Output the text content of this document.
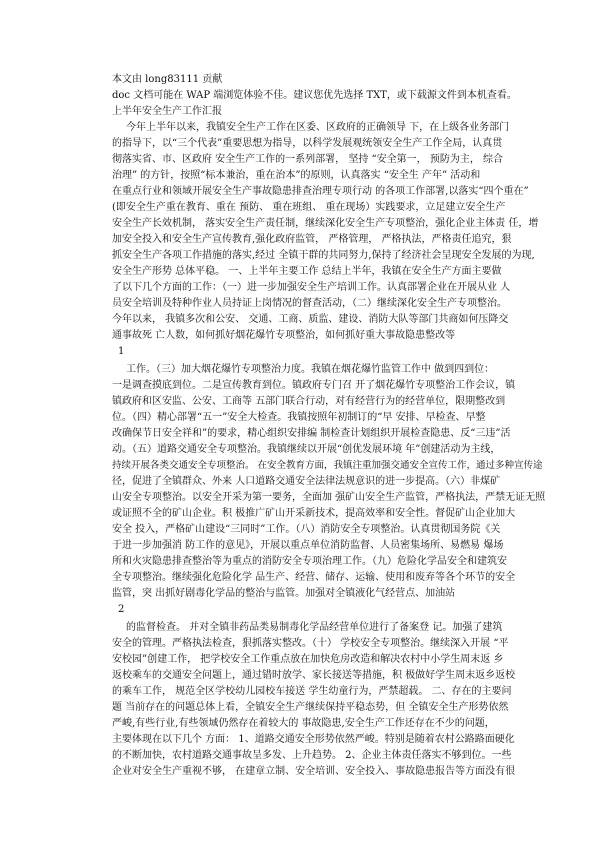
本文由 long83111 贡献
doc 文档可能在 WAP 端浏览体验不佳。建议您优先选择 TXT，或下载源文件到本机查看。
上半年安全生产工作汇报
今年上半年以来，我镇安全生产工作在区委、区政府的正确领导 下，在上级各业务部门
的指导下，以“三个代表”重要思想为指导，以科学发展观统领安全生产工作全局，认真贯
彻落实省、市、区政府 安全生产工作的一系列部署， 坚持 “安全第一， 预防为主， 综合
治理” 的方针，按照“标本兼治，重在治本”的原则，认真落实 “安全生 产年” 活动和
在重点行业和领域开展安全生产事故隐患排查治理专项行动 的各项工作部署,以落实“四个重在”
(即安全生产重在教育、重在 预防、 重在班组、 重在现场）实践要求，立足建立安全生产
安全生产长效机制， 落实安全生产责任制，继续深化安全生产专项整治，强化企业主体责 任，增
加安全投入和安全生产宣传教育,强化政府监管， 严格管理， 严格执法，严格责任追究，狠
抓安全生产各项工作措施的落实,经过 全镇干群的共同努力,保持了经济社会呈现安全发展的为现,
安全生产形势 总体平稳。 一、上半年主要工作 总结上半年，我镇在安全生产方面主要做
了以下几个方面的工作：（一）进一步加强安全生产培训工作。认真部署企业在开展从业 人
员安全培训及特种作业人员持证上岗情况的督查活动，（二）继续深化安全生产专项整治。
今年以来， 我镇多次和公安、 交通、工商、质监、建设、消防大队等部门共商如何压降交
通事故死 亡人数，如何抓好烟花爆竹专项整治，如何抓好重大事故隐患整改等
1
工作。（三）加大烟花爆竹专项整治力度。我镇在烟花爆竹监管工作中 做到四到位：
一是调查摸底到位。二是宣传教育到位。镇政府专门召 开了烟花爆竹专项整治工作会议，镇
镇政府和区安监、公安、工商等 五部门联合行动，对有经营行为的经营单位，限期整改到
位。（四）精心部署“五一”安全大检查。我镇按照年初制订的“早 安排、早检查、早整
改确保节日安全祥和”的要求，精心组织安排编 制检查计划组织开展检查隐患、反“三违”活
动。（五）道路交通安全专项整治。我镇继续以开展“创优发展环境 年”创建活动为主线，
持续开展各类交通安全专项整治。 在安全教育方面，我镇注重加强交通安全宣传工作，通过多种宣传途
径，促进了全镇群众、外来 人口道路交通安全法律法规意识的进一步提高。（六）非煤矿
山安全专项整治。以安全开采为第一要务，全面加 强矿山安全生产监管，严格执法，严禁无证无照
或证照不全的矿山企业。积 极推广矿山开采新技术，提高效率和安全性。督促矿山企业加大
安全 投入，严格矿山建设“三同时”工作。（八）消防安全专项整治。认真贯彻国务院《关
于进一步加强消 防工作的意见》，开展以重点单位消防监督、人员密集场所、易燃易 爆场
所和火灾隐患排查整治等为重点的消防安全专项治理工作。（九）危险化学品安全和建筑安
全专项整治。继续强化危险化学 品生产、经营、储存、运输、使用和废弃等各个环节的安全
监管，突 出抓好剧毒化学品的整治与监管。加强对全镇液化气经营点、加油站
2
的监督检查。 并对全镇非药品类易制毒化学品经营单位进行了备案登 记。加强了建筑
安全的管理。严格执法检查，狠抓落实整改。（十） 学校安全专项整治。继续深入开展 “平
安校园”创建工作， 把学校安全工作重点放在加快危房改造和解决农村中小学生周末返 乡
返校乘车的交通安全问题上，通过错时放学、家长接送等措施，积 极做好学生周末返乡返校
的乘车工作， 规范全区学校幼儿园校车接送 学生幼童行为，严禁超载。 二、存在的主要问
题 当前存在的问题总体上看，全镇安全生产继续保持平稳态势，但 全镇安全生产形势依然
严峻,有些行业,有些领域仍然存在着较大的 事故隐患,安全生产工作还存在不少的问题，
主要体现在以下几个 方面： 1、道路交通安全形势依然严峻。特别是随着农村公路路面硬化
的不断加快，农村道路交通事故呈多发、上升趋势。 2、企业主体责任落实不够到位。一些
企业对安全生产重视不够， 在建章立制、安全培训、安全投入、事故隐患报告等方面没有很
